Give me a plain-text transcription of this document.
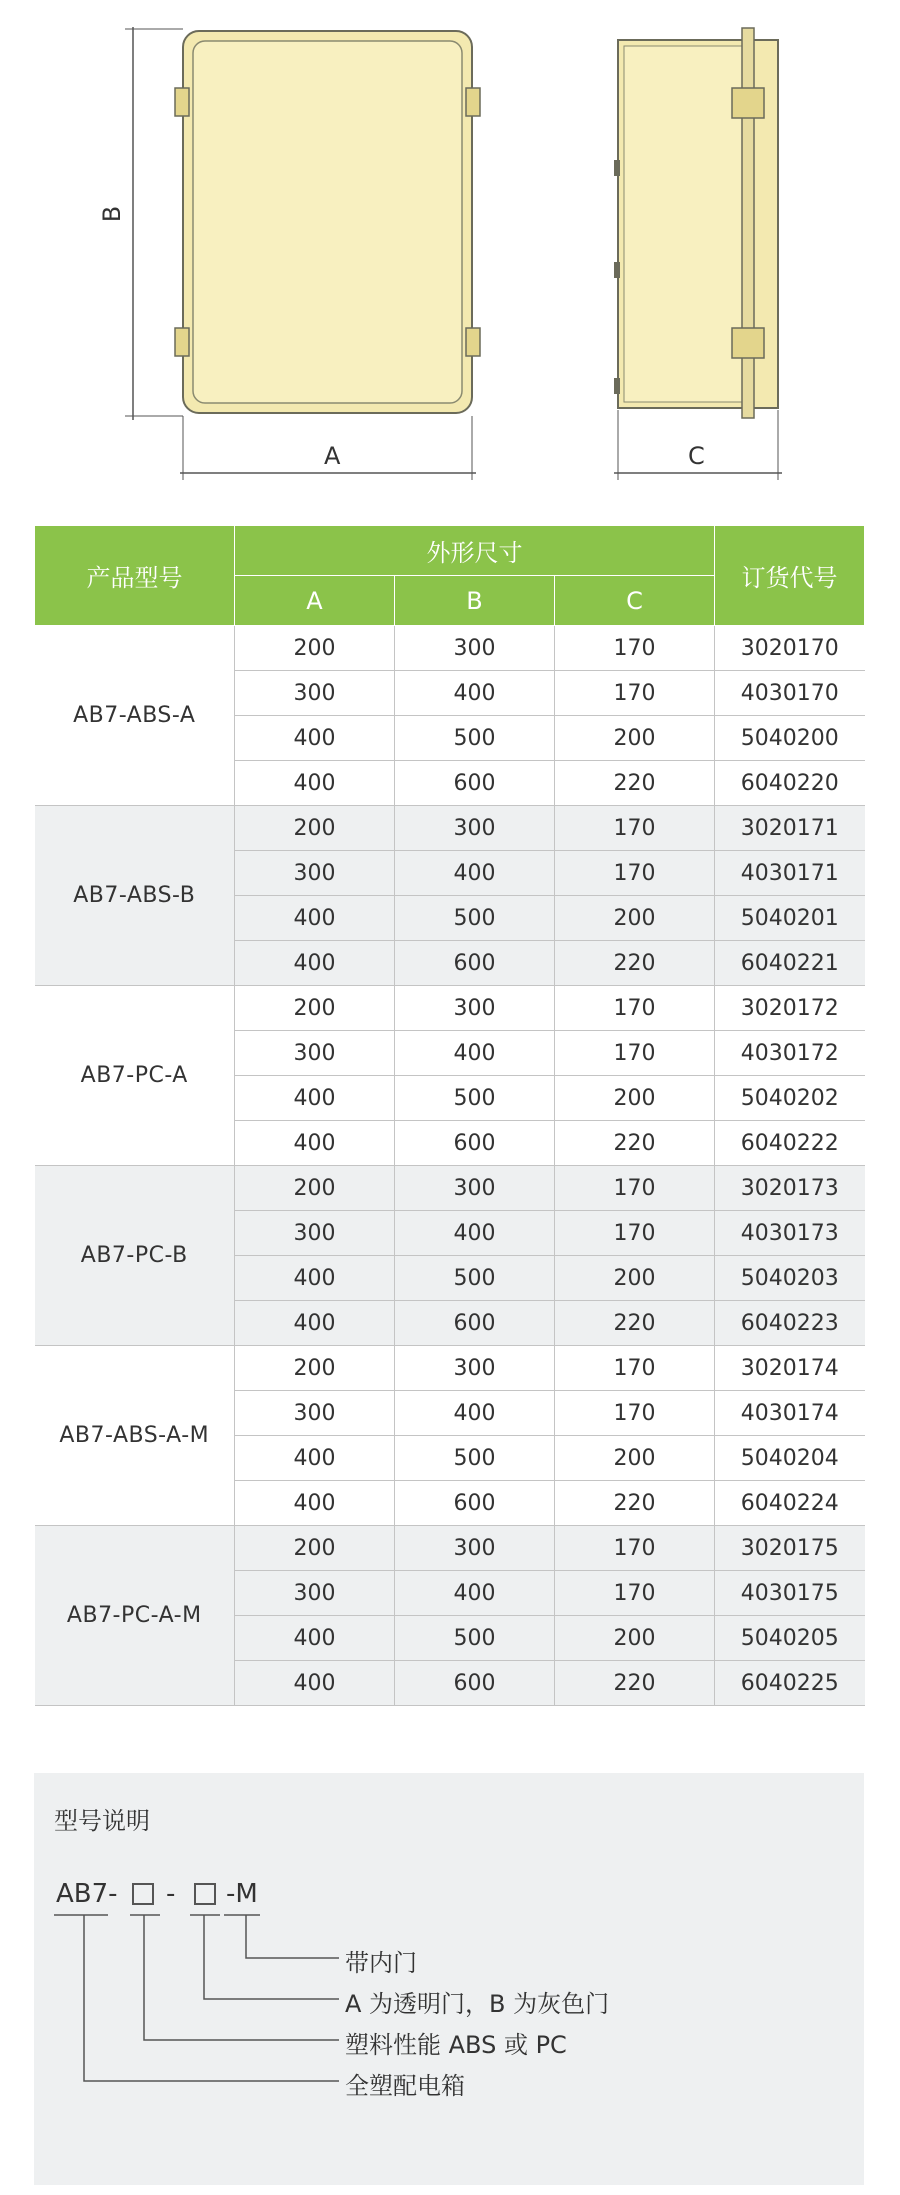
B
A	C
产品型号	外形尺寸			订货代号
	A	B	C	
AB7-ABS-A	200	300	170	3020170
	300	400	170	4030170
	400	500	200	5040200
	400	600	220	6040220
AB7-ABS-B	200	300	170	3020171
	300	400	170	4030171
	400	500	200	5040201
	400	600	220	6040221
AB7-PC-A	200	300	170	3020172
	300	400	170	4030172
	400	500	200	5040202
	400	600	220	6040222
AB7-PC-B	200	300	170	3020173
	300	400	170	4030173
	400	500	200	5040203
	400	600	220	6040223
AB7-ABS-A-M	200	300	170	3020174
	300	400	170	4030174
	400	500	200	5040204
	400	600	220	6040224
AB7-PC-A-M	200	300	170	3020175
	300	400	170	4030175
	400	500	200	5040205
	400	600	220	6040225
型号说明

AB7-

-

-M

带内门
A 为透明门，B 为灰色门
塑料性能 ABS 或 PC
全塑配电箱
